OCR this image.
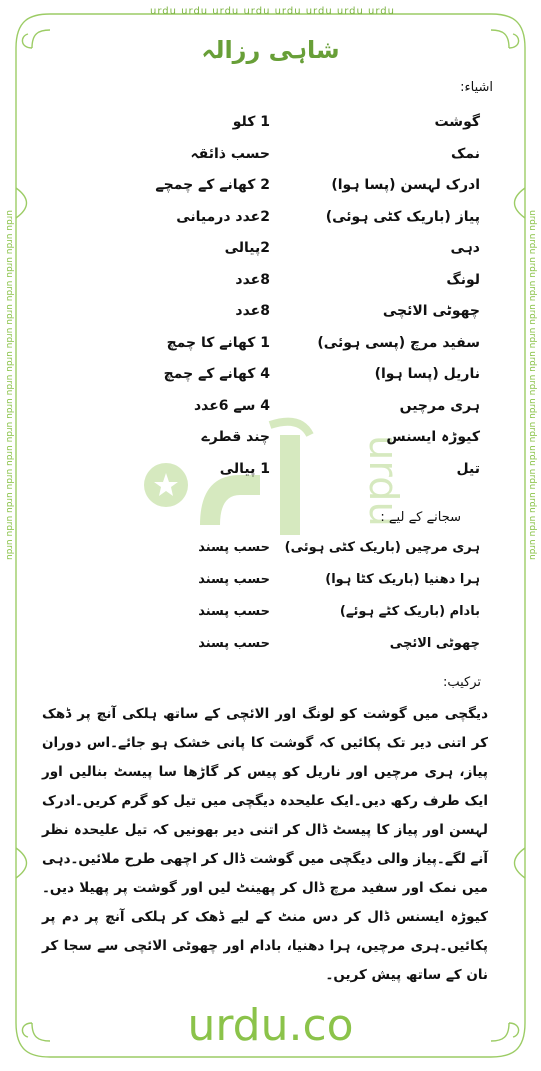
urdu urdu urdu urdu urdu urdu urdu urdu
urdu urdu urdu urdu urdu urdu urdu urdu urdu urdu urdu urdu urdu urdu urdu	urdu urdu urdu urdu urdu urdu urdu urdu urdu urdu urdu urdu urdu urdu urdu
urdu
شاہی رزالہ
اشیاء:
گوشت
1 کلو
نمک
حسب ذائقہ
ادرک لہسن (پسا ہوا)
2 کھانے کے چمچے
پیاز (باریک کٹی ہوئی)
2عدد درمیانی
دہی
2پیالی
لونگ
8عدد
چھوٹی الائچی
8عدد
سفید مرچ (پسی ہوئی)
1 کھانے کا چمچ
ناریل (پسا ہوا)
4 کھانے کے چمچ
ہری مرچیں
4 سے 6عدد
کیوڑہ ایسنس
چند قطرے
تیل
1 پیالی
سجانے کے لیے :
ہری مرچیں (باریک کٹی ہوئی)
حسب پسند
ہرا دھنیا (باریک کٹا ہوا)
حسب پسند
بادام (باریک کٹے ہوئے)
حسب پسند
چھوٹی الائچی
حسب پسند
ترکیب:
دیگچی میں گوشت کو لونگ اور الائچی کے ساتھ ہلکی آنچ پر ڈھک کر اتنی دیر تک پکائیں کہ گوشت کا پانی خشک ہو جائے۔اس دوران پیاز، ہری مرچیں اور ناریل کو پیس کر گاڑھا سا پیسٹ بنالیں اور ایک طرف رکھ دیں۔ایک علیحدہ دیگچی میں تیل کو گرم کریں۔ادرک لہسن اور پیاز کا پیسٹ ڈال کر اتنی دیر بھونیں کہ تیل علیحدہ نظر آنے لگے۔پیاز والی دیگچی میں گوشت ڈال کر اچھی طرح ملائیں۔دہی میں نمک اور سفید مرچ ڈال کر پھینٹ لیں اور گوشت پر پھیلا دیں۔کیوڑہ ایسنس ڈال کر دس منٹ کے لیے ڈھک کر ہلکی آنچ پر دم پر پکائیں۔ہری مرچیں، ہرا دھنیا، بادام اور چھوٹی الائچی سے سجا کر نان کے ساتھ پیش کریں۔
urdu.co
